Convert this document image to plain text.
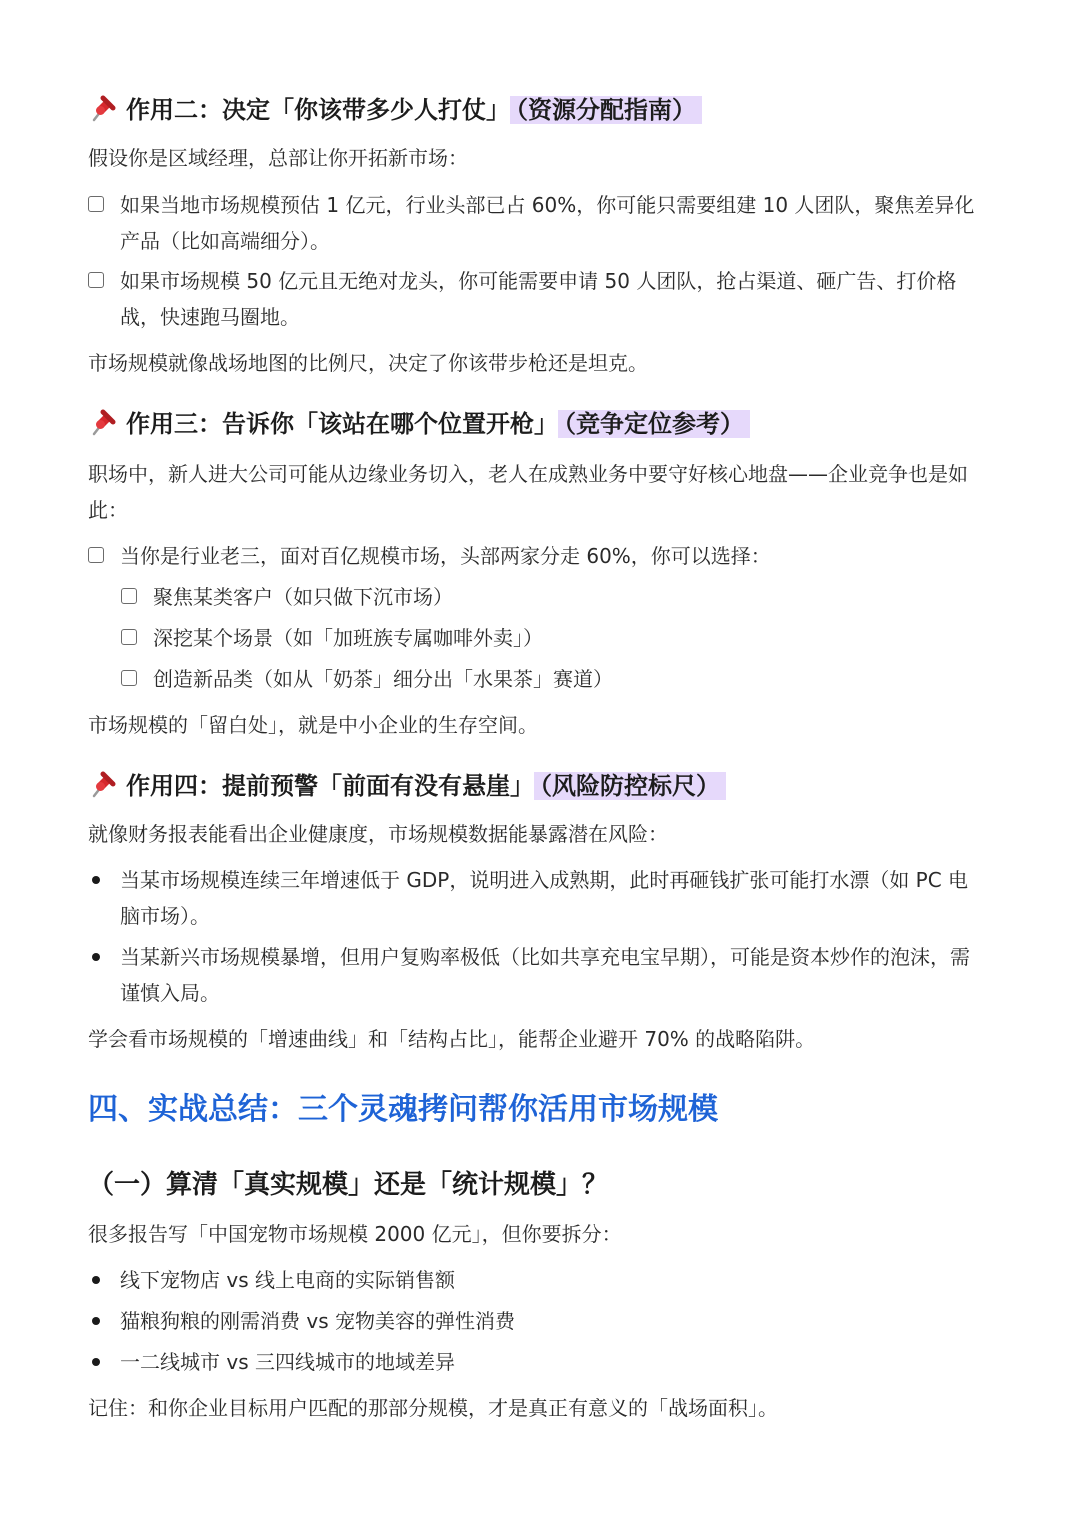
作用二：决定「你该带多少人打仗」 （资源分配指南）
假设你是区域经理，总部让你开拓新市场：
如果当地市场规模预估 1 亿元，行业头部已占 60%，你可能只需要组建 10 人团队，聚焦差异化产品（比如高端细分）。
如果市场规模 50 亿元且无绝对龙头，你可能需要申请 50 人团队，抢占渠道、砸广告、打价格战，快速跑马圈地。
市场规模就像战场地图的比例尺，决定了你该带步枪还是坦克。
作用三：告诉你「该站在哪个位置开枪」 （竞争定位参考）
职场中，新人进大公司可能从边缘业务切入，老人在成熟业务中要守好核心地盘——企业竞争也是如此：
当你是行业老三，面对百亿规模市场，头部两家分走 60%，你可以选择：
聚焦某类客户（如只做下沉市场）
深挖某个场景（如「加班族专属咖啡外卖」）
创造新品类（如从「奶茶」细分出「水果茶」赛道）
市场规模的「留白处」，就是中小企业的生存空间。
作用四：提前预警「前面有没有悬崖」 （风险防控标尺）
就像财务报表能看出企业健康度，市场规模数据能暴露潜在风险：
当某市场规模连续三年增速低于 GDP，说明进入成熟期，此时再砸钱扩张可能打水漂（如 PC 电脑市场）。
当某新兴市场规模暴增，但用户复购率极低（比如共享充电宝早期），可能是资本炒作的泡沫，需谨慎入局。
学会看市场规模的「增速曲线」和「结构占比」，能帮企业避开 70% 的战略陷阱。
四、实战总结：三个灵魂拷问帮你活用市场规模
（一）算清「真实规模」还是「统计规模」？
很多报告写「中国宠物市场规模 2000 亿元」，但你要拆分：
线下宠物店 vs 线上电商的实际销售额
猫粮狗粮的刚需消费 vs 宠物美容的弹性消费
一二线城市 vs 三四线城市的地域差异
记住：和你企业目标用户匹配的那部分规模，才是真正有意义的「战场面积」。
